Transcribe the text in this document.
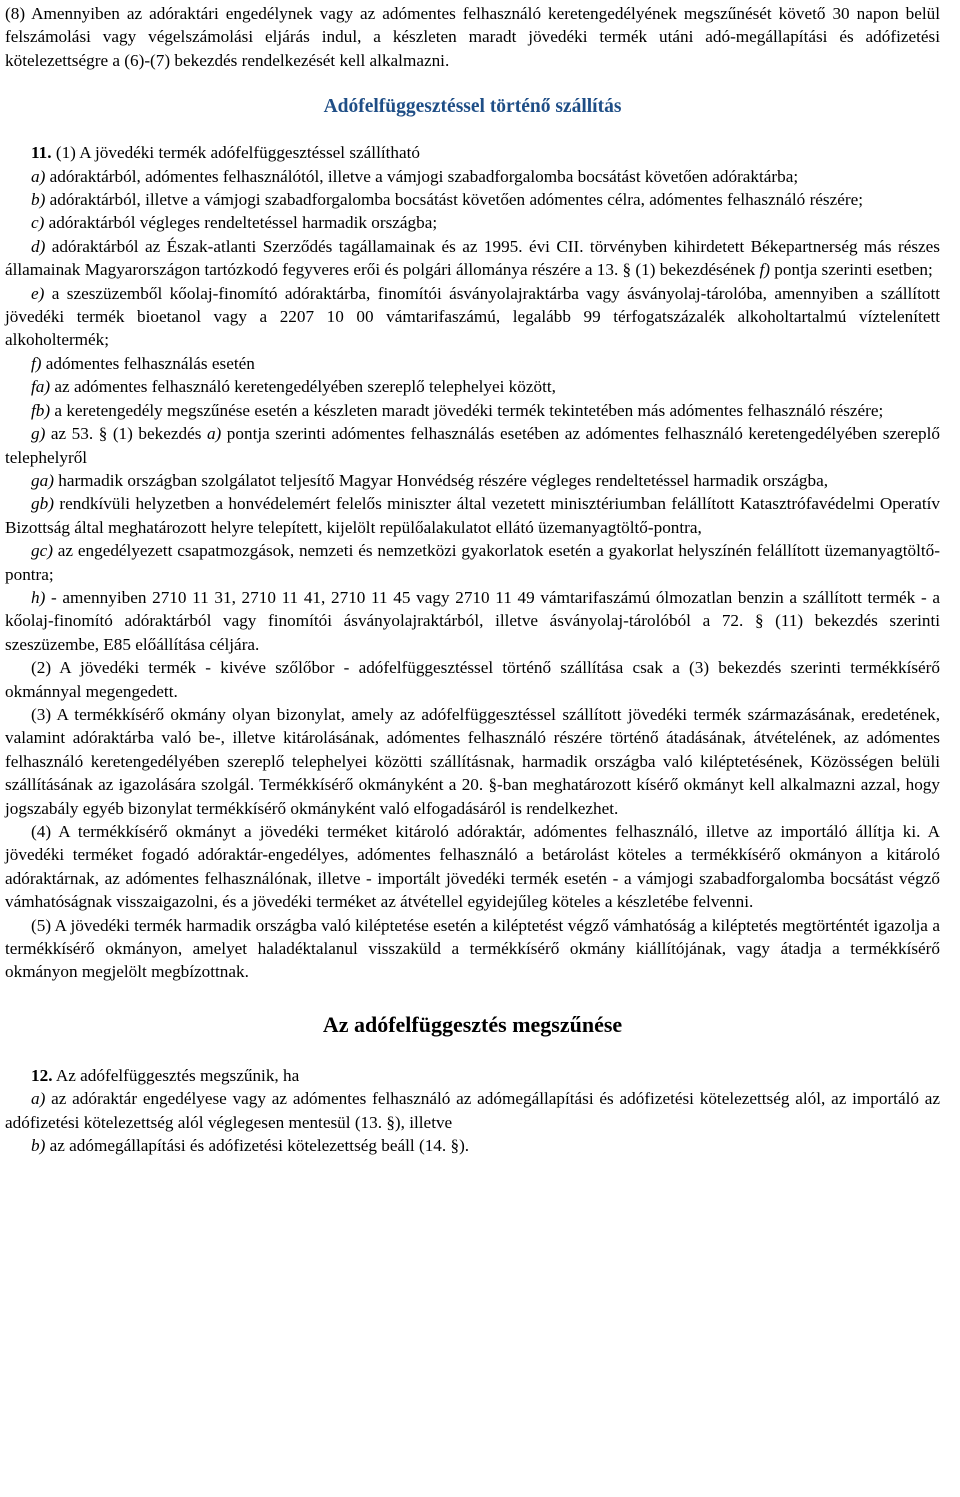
(8) Amennyiben az adóraktári engedélynek vagy az adómentes felhasználó keretengedélyének megszűnését követő 30 napon belül felszámolási vagy végelszámolási eljárás indul, a készleten maradt jövedéki termék utáni adó-megállapítási és adófizetési kötelezettségre a (6)-(7) bekezdés rendelkezését kell alkalmazni.

Adófelfüggesztéssel történő szállítás

11. (1) A jövedéki termék adófelfüggesztéssel szállítható

a) adóraktárból, adómentes felhasználótól, illetve a vámjogi szabadforgalomba bocsátást követően adóraktárba;

b) adóraktárból, illetve a vámjogi szabadforgalomba bocsátást követően adómentes célra, adómentes felhasználó részére;

c) adóraktárból végleges rendeltetéssel harmadik országba;

d) adóraktárból az Észak-atlanti Szerződés tagállamainak és az 1995. évi CII. törvényben kihirdetett Békepartnerség más részes államainak Magyarországon tartózkodó fegyveres erői és polgári állománya részére a 13. § (1) bekezdésének f) pontja szerinti esetben;

e) a szeszüzemből kőolaj-finomító adóraktárba, finomítói ásványolajraktárba vagy ásványolaj-tárolóba, amennyiben a szállított jövedéki termék bioetanol vagy a 2207 10 00 vámtarifaszámú, legalább 99 térfogatszázalék alkoholtartalmú víztelenített alkoholtermék;

f) adómentes felhasználás esetén

fa) az adómentes felhasználó keretengedélyében szereplő telephelyei között,

fb) a keretengedély megszűnése esetén a készleten maradt jövedéki termék tekintetében más adómentes felhasználó részére;

g) az 53. § (1) bekezdés a) pontja szerinti adómentes felhasználás esetében az adómentes felhasználó keretengedélyében szereplő telephelyről

ga) harmadik országban szolgálatot teljesítő Magyar Honvédség részére végleges rendeltetéssel harmadik országba,

gb) rendkívüli helyzetben a honvédelemért felelős miniszter által vezetett minisztériumban felállított Katasztrófavédelmi Operatív Bizottság által meghatározott helyre telepített, kijelölt repülőalakulatot ellátó üzemanyagtöltő-pontra,

gc) az engedélyezett csapatmozgások, nemzeti és nemzetközi gyakorlatok esetén a gyakorlat helyszínén felállított üzemanyagtöltő-pontra;

h) - amennyiben 2710 11 31, 2710 11 41, 2710 11 45 vagy 2710 11 49 vámtarifaszámú ólmozatlan benzin a szállított termék - a kőolaj-finomító adóraktárból vagy finomítói ásványolajraktárból, illetve ásványolaj-tárolóból a 72. § (11) bekezdés szerinti szeszüzembe, E85 előállítása céljára.

(2) A jövedéki termék - kivéve szőlőbor - adófelfüggesztéssel történő szállítása csak a (3) bekezdés szerinti termékkísérő okmánnyal megengedett.

(3) A termékkísérő okmány olyan bizonylat, amely az adófelfüggesztéssel szállított jövedéki termék származásának, eredetének, valamint adóraktárba való be-, illetve kitárolásának, adómentes felhasználó részére történő átadásának, átvételének, az adómentes felhasználó keretengedélyében szereplő telephelyei közötti szállításnak, harmadik országba való kiléptetésének, Közösségen belüli szállításának az igazolására szolgál. Termékkísérő okmányként a 20. §-ban meghatározott kísérő okmányt kell alkalmazni azzal, hogy jogszabály egyéb bizonylat termékkísérő okmányként való elfogadásáról is rendelkezhet.

(4) A termékkísérő okmányt a jövedéki terméket kitároló adóraktár, adómentes felhasználó, illetve az importáló állítja ki. A jövedéki terméket fogadó adóraktár-engedélyes, adómentes felhasználó a betárolást köteles a termékkísérő okmányon a kitároló adóraktárnak, az adómentes felhasználónak, illetve - importált jövedéki termék esetén - a vámjogi szabadforgalomba bocsátást végző vámhatóságnak visszaigazolni, és a jövedéki terméket az átvétellel egyidejűleg köteles a készletébe felvenni.

(5) A jövedéki termék harmadik országba való kiléptetése esetén a kiléptetést végző vámhatóság a kiléptetés megtörténtét igazolja a termékkísérő okmányon, amelyet haladéktalanul visszaküld a termékkísérő okmány kiállítójának, vagy átadja a termékkísérő okmányon megjelölt megbízottnak.

Az adófelfüggesztés megszűnése

12. Az adófelfüggesztés megszűnik, ha

a) az adóraktár engedélyese vagy az adómentes felhasználó az adómegállapítási és adófizetési kötelezettség alól, az importáló az adófizetési kötelezettség alól véglegesen mentesül (13. §), illetve

b) az adómegállapítási és adófizetési kötelezettség beáll (14. §).
